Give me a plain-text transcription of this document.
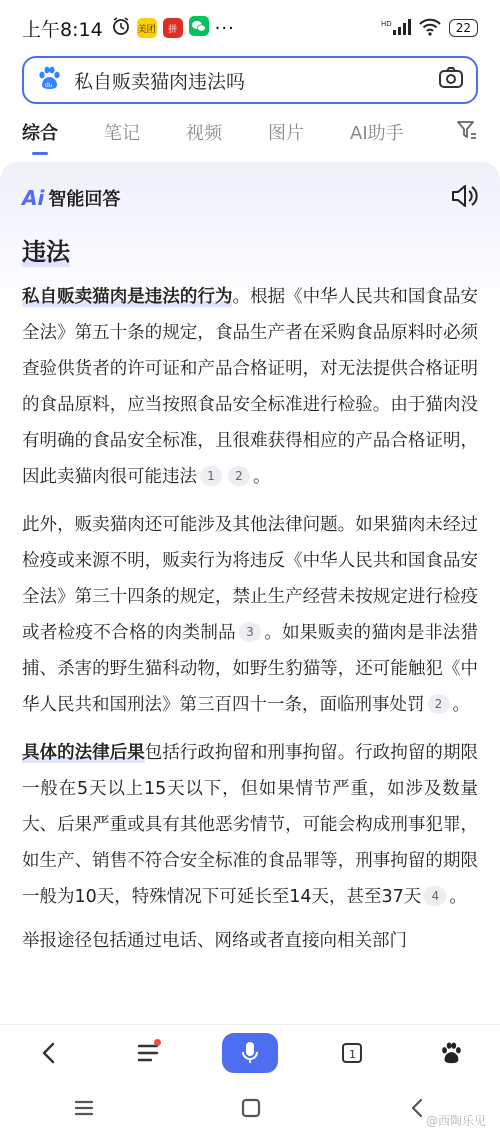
上午8:14	美团	拼	···	HD	22
du 私自贩卖猫肉违法吗
综合	笔记	视频	图片	AI助手
Ai 智能回答
违法

私自贩卖猫肉是违法的行为。根据《中华人民共和国食品安全法》第五十条的规定，食品生产者在采购食品原料时必须查验供货者的许可证和产品合格证明，对无法提供合格证明的食品原料，应当按照食品安全标准进行检验。由于猫肉没有明确的食品安全标准，且很难获得相应的产品合格证明，因此卖猫肉很可能违法 1 2 。

此外，贩卖猫肉还可能涉及其他法律问题。如果猫肉未经过检疫或来源不明，贩卖行为将违反《中华人民共和国食品安全法》第三十四条的规定，禁止生产经营未按规定进行检疫或者检疫不合格的肉类制品 3 。如果贩卖的猫肉是非法猎捕、杀害的野生猫科动物，如野生豹猫等，还可能触犯《中华人民共和国刑法》第三百四十一条，面临刑事处罚 2 。

具体的法律后果包括行政拘留和刑事拘留。行政拘留的期限一般在5天以上15天以下，但如果情节严重，如涉及数量大、后果严重或具有其他恶劣情节，可能会构成刑事犯罪，如生产、销售不符合安全标准的食品罪等，刑事拘留的期限一般为10天，特殊情况下可延长至14天，甚至37天 4 。

举报途径包括通过电话、网络或者直接向相关部门
1
@西陶乐见
